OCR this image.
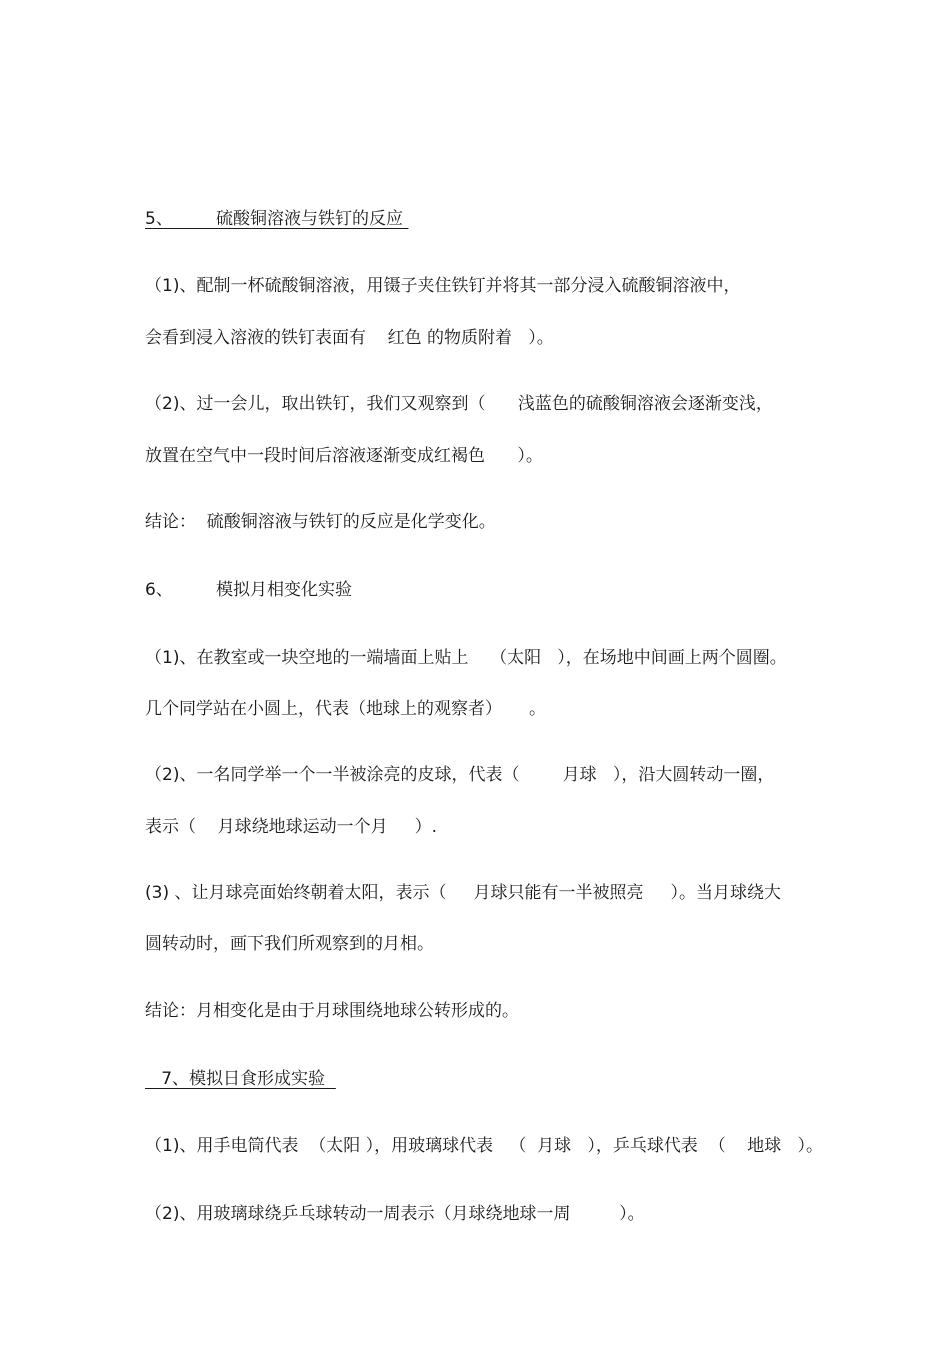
5、        硫酸铜溶液与铁钉的反应
（1)、配制一杯硫酸铜溶液，用镊子夹住铁钉并将其一部分浸入硫酸铜溶液中，
会看到浸入溶液的铁钉表面有    红色 的物质附着   ）。
（2)、过一会儿，取出铁钉，我们又观察到（      浅蓝色的硫酸铜溶液会逐渐变浅，
放置在空气中一段时间后溶液逐渐变成红褐色      ）。
结论：  硫酸铜溶液与铁钉的反应是化学变化。
6、        模拟月相变化实验
（1)、在教室或一块空地的一端墙面上贴上    （太阳   ），在场地中间画上两个圆圈。
几个同学站在小圆上，代表（地球上的观察者）     。
（2)、一名同学举一个一半被涂亮的皮球，代表（        月球   ），沿大圆转动一圈，
表示（    月球绕地球运动一个月     ）.
(3) 、让月球亮面始终朝着太阳，表示（     月球只能有一半被照亮     ）。当月球绕大
圆转动时，画下我们所观察到的月相。
结论：月相变化是由于月球围绕地球公转形成的。
7、模拟日食形成实验
（1)、用手电筒代表  （太阳 ），用玻璃球代表   （  月球   ），乒乓球代表  （    地球   ）。
（2)、用玻璃球绕乒乓球转动一周表示（月球绕地球一周         ）。
